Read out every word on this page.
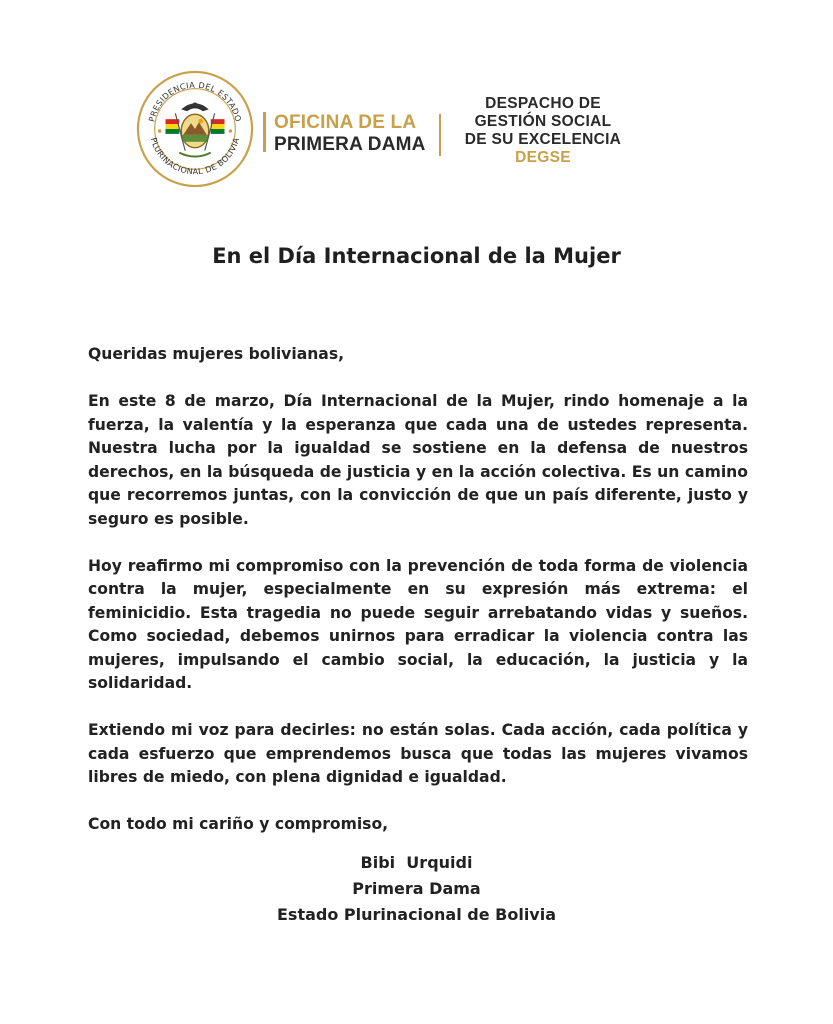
PRESIDENCIA DEL ESTADO
PLURINACIONAL DE BOLIVIA
OFICINA DE LA
PRIMERA DAMA
DESPACHO DE
GESTIÓN SOCIAL
DE SU EXCELENCIA
DEGSE
En el Día Internacional de la Mujer

Queridas mujeres bolivianas,

En este 8 de marzo, Día Internacional de la Mujer, rindo homenaje a la fuerza, la valentía y la esperanza que cada una de ustedes representa. Nuestra lucha por la igualdad se sostiene en la defensa de nuestros derechos, en la búsqueda de justicia y en la acción colectiva. Es un camino que recorremos juntas, con la convicción de que un país diferente, justo y seguro es posible.

Hoy reafirmo mi compromiso con la prevención de toda forma de violencia contra la mujer, especialmente en su expresión más extrema: el feminicidio. Esta tragedia no puede seguir arrebatando vidas y sueños. Como sociedad, debemos unirnos para erradicar la violencia contra las mujeres, impulsando el cambio social, la educación, la justicia y la solidaridad.

Extiendo mi voz para decirles: no están solas. Cada acción, cada política y cada esfuerzo que emprendemos busca que todas las mujeres vivamos libres de miedo, con plena dignidad e igualdad.

Con todo mi cariño y compromiso,

Bibi  Urquidi
Primera Dama
Estado Plurinacional de Bolivia
